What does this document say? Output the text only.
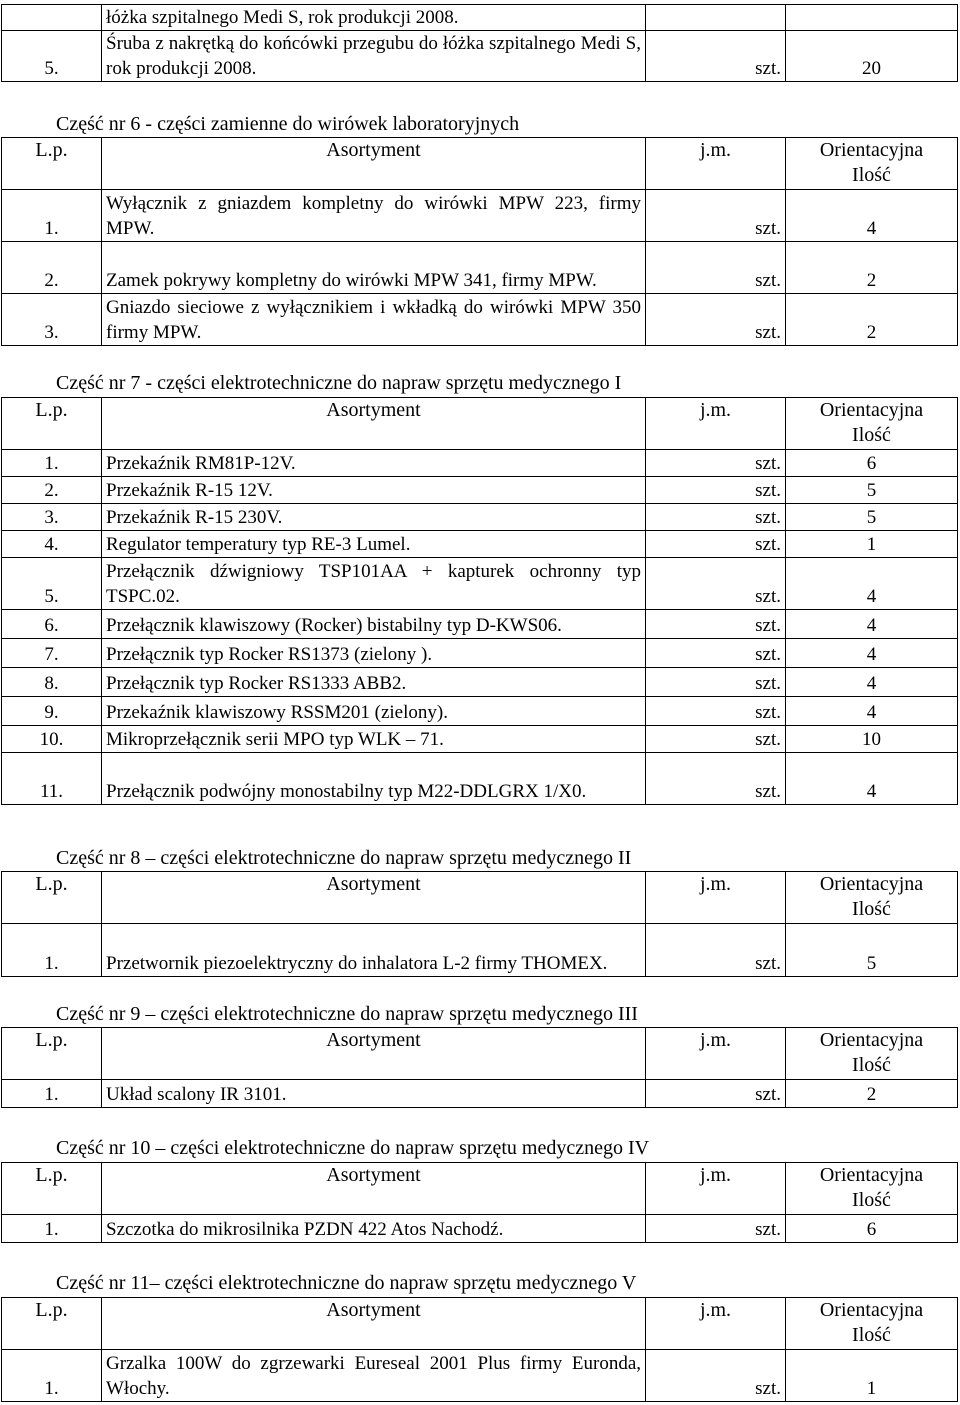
	łóżka szpitalnego Medi S, rok produkcji 2008.		
5.	Śruba z nakrętką do końcówki przegubu do łóżka szpitalnego Medi S, rok produkcji 2008.	szt.	20
Część nr 6 - części zamienne do wirówek laboratoryjnych
L.p.	Asortyment	j.m.	Orientacyjna
Ilość

1.	Wyłącznik z gniazdem kompletny do wirówki MPW 223, firmy MPW.	szt.	4
2.	Zamek pokrywy kompletny do wirówki MPW 341, firmy MPW.	szt.	2
3.	Gniazdo sieciowe z wyłącznikiem i wkładką do wirówki MPW 350 firmy MPW.	szt.	2
Część nr 7 - części elektrotechniczne do napraw sprzętu medycznego I
L.p.	Asortyment	j.m.	Orientacyjna
Ilość

1.	Przekaźnik RM81P-12V.	szt.	6
2.	Przekaźnik R-15 12V.	szt.	5
3.	Przekaźnik R-15 230V.	szt.	5
4.	Regulator temperatury typ RE-3 Lumel.	szt.	1
5.	Przełącznik dźwigniowy TSP101AA + kapturek ochronny typ TSPC.02.	szt.	4
6.	Przełącznik klawiszowy (Rocker) bistabilny typ D-KWS06.	szt.	4
7.	Przełącznik typ Rocker RS1373 (zielony ).	szt.	4
8.	Przełącznik typ Rocker RS1333 ABB2.	szt.	4
9.	Przekaźnik klawiszowy RSSM201 (zielony).	szt.	4
10.	Mikroprzełącznik serii MPO typ WLK – 71.	szt.	10
11.	Przełącznik podwójny monostabilny typ M22-DDLGRX 1/X0.	szt.	4
Część nr 8 – części elektrotechniczne do napraw sprzętu medycznego II
L.p.	Asortyment	j.m.	Orientacyjna
Ilość

1.	Przetwornik piezoelektryczny do inhalatora L-2 firmy THOMEX.	szt.	5
Część nr 9 – części elektrotechniczne do napraw sprzętu medycznego III
L.p.	Asortyment	j.m.	Orientacyjna
Ilość

1.	Układ scalony IR 3101.	szt.	2
Część nr 10 – części elektrotechniczne do napraw sprzętu medycznego IV
L.p.	Asortyment	j.m.	Orientacyjna
Ilość

1.	Szczotka do mikrosilnika PZDN 422 Atos Nachodź.	szt.	6
Część nr 11– części elektrotechniczne do napraw sprzętu medycznego V
L.p.	Asortyment	j.m.	Orientacyjna
Ilość

1.	Grzalka 100W do zgrzewarki Eureseal 2001 Plus firmy Euronda, Włochy.	szt.	1
